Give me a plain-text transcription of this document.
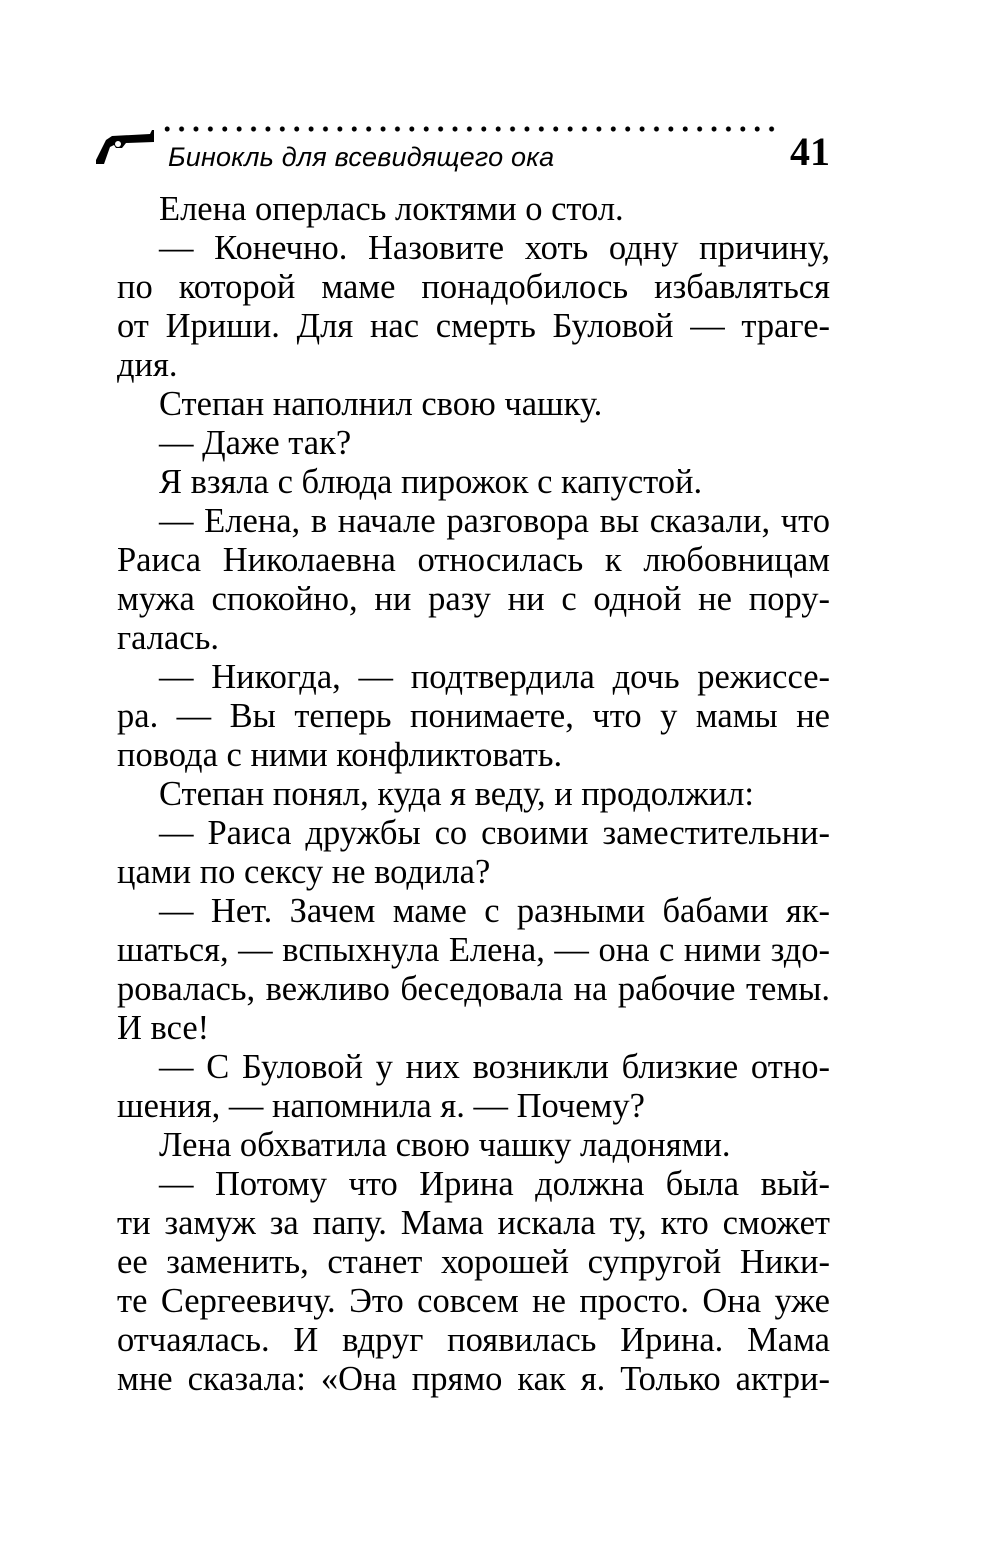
Бинокль для всевидящего ока	41
Елена оперлась локтями о стол.
— Конечно. Назовите хоть одну причину,
по которой маме понадобилось избавляться
от Ириши. Для нас смерть Буловой — траге-
дия.
Степан наполнил свою чашку.
— Даже так?
Я взяла с блюда пирожок с капустой.
— Елена, в начале разговора вы сказали, что
Раиса Николаевна относилась к любовницам
мужа спокойно, ни разу ни с одной не пору-
галась.
— Никогда, — подтвердила дочь режиссе-
ра. — Вы теперь понимаете, что у мамы не
повода с ними конфликтовать.
Степан понял, куда я веду, и продолжил:
— Раиса дружбы со своими заместительни-
цами по сексу не водила?
— Нет. Зачем маме с разными бабами як-
шаться, — вспыхнула Елена, — она с ними здо-
ровалась, вежливо беседовала на рабочие темы.
И все!
— С Буловой у них возникли близкие отно-
шения, — напомнила я. — Почему?
Лена обхватила свою чашку ладонями.
— Потому что Ирина должна была вый-
ти замуж за папу. Мама искала ту, кто сможет
ее заменить, станет хорошей супругой Ники-
те Сергеевичу. Это совсем не просто. Она уже
отчаялась. И вдруг появилась Ирина. Мама
мне сказала: «Она прямо как я. Только актри-
